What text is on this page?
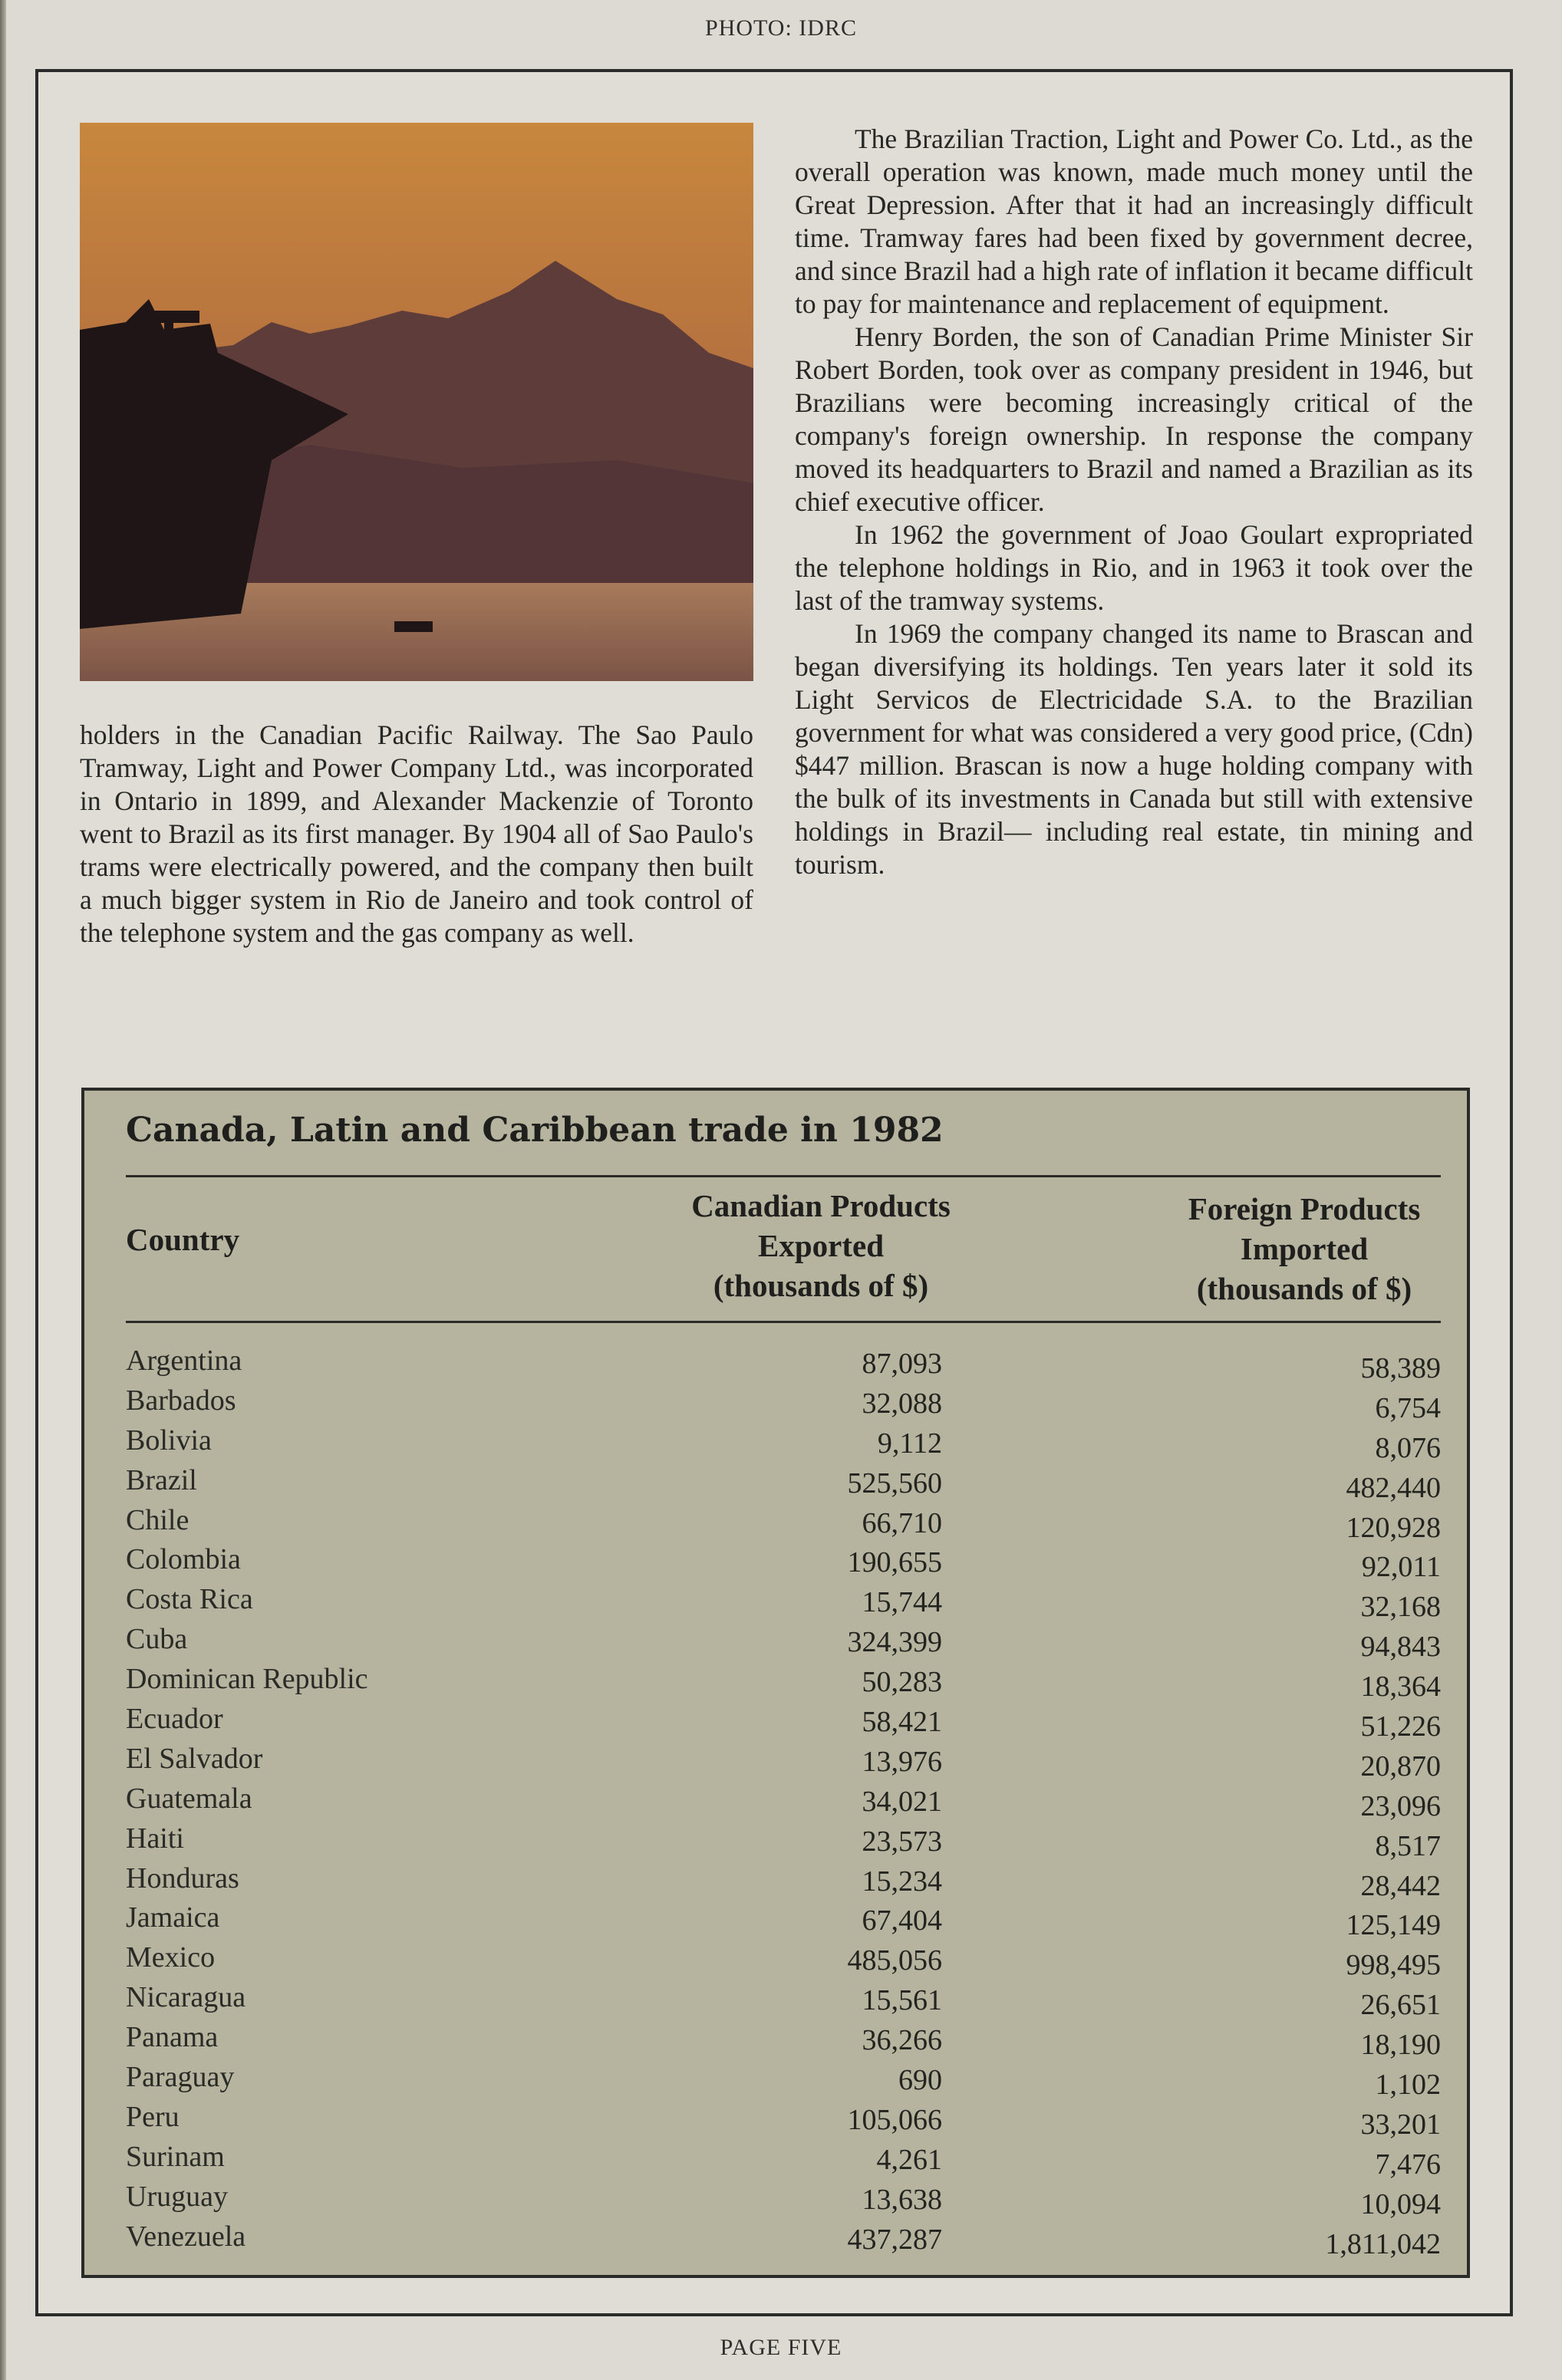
PHOTO: IDRC

holders in the Canadian Pacific Railway. The Sao Paulo Tramway, Light and Power Company Ltd., was incorporated in Ontario in 1899, and Alexander Mackenzie of Toronto went to Brazil as its first manager. By 1904 all of Sao Paulo's trams were electrically powered, and the company then built a much bigger system in Rio de Janeiro and took control of the telephone system and the gas company as well.

The Brazilian Traction, Light and Power Co. Ltd., as the overall operation was known, made much money until the Great Depression. After that it had an increasingly difficult time. Tramway fares had been fixed by government decree, and since Brazil had a high rate of inflation it became difficult to pay for maintenance and replacement of equipment.

Henry Borden, the son of Canadian Prime Minister Sir Robert Borden, took over as company president in 1946, but Brazilians were becoming increasingly critical of the company's foreign ownership. In response the company moved its headquarters to Brazil and named a Brazilian as its chief executive officer.

In 1962 the government of Joao Goulart expropriated the telephone holdings in Rio, and in 1963 it took over the last of the tramway systems.

In 1969 the company changed its name to Brascan and began diversifying its holdings. Ten years later it sold its Light Servicos de Electricidade S.A. to the Brazilian government for what was considered a very good price, (Cdn) $447 million. Brascan is now a huge holding company with the bulk of its investments in Canada but still with extensive holdings in Brazil— including real estate, tin mining and tourism.

Canada, Latin and Caribbean trade in 1982
Country
Canadian Products
Exported
(thousands of $)
Foreign Products
Imported
(thousands of $)
Argentina	87,093	58,389
Barbados	32,088	6,754
Bolivia	9,112	8,076
Brazil	525,560	482,440
Chile	66,710	120,928
Colombia	190,655	92,011
Costa Rica	15,744	32,168
Cuba	324,399	94,843
Dominican Republic	50,283	18,364
Ecuador	58,421	51,226
El Salvador	13,976	20,870
Guatemala	34,021	23,096
Haiti	23,573	8,517
Honduras	15,234	28,442
Jamaica	67,404	125,149
Mexico	485,056	998,495
Nicaragua	15,561	26,651
Panama	36,266	18,190
Paraguay	690	1,102
Peru	105,066	33,201
Surinam	4,261	7,476
Uruguay	13,638	10,094
Venezuela	437,287	1,811,042
PAGE FIVE
